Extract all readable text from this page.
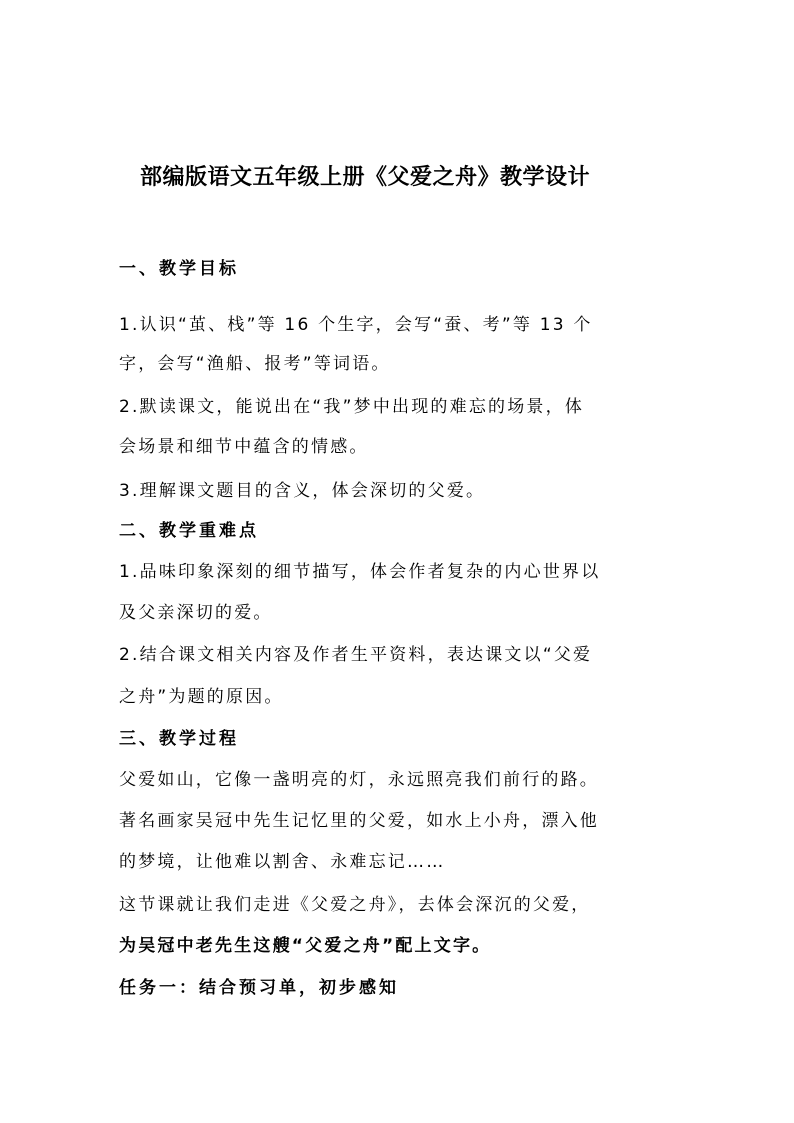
部编版语文五年级上册《父爱之舟》教学设计
一、教学目标
1.认识“茧、栈”等 16 个生字，会写“蚕、考”等 13 个
字，会写“渔船、报考”等词语。
2.默读课文，能说出在“我”梦中出现的难忘的场景，体
会场景和细节中蕴含的情感。
3.理解课文题目的含义，体会深切的父爱。
二、教学重难点
1.品味印象深刻的细节描写，体会作者复杂的内心世界以
及父亲深切的爱。
2.结合课文相关内容及作者生平资料，表达课文以“父爱
之舟”为题的原因。
三、教学过程
父爱如山，它像一盏明亮的灯，永远照亮我们前行的路。
著名画家吴冠中先生记忆里的父爱，如水上小舟，漂入他
的梦境，让他难以割舍、永难忘记……
这节课就让我们走进《父爱之舟》，去体会深沉的父爱，
为吴冠中老先生这艘“父爱之舟”配上文字。
任务一：结合预习单，初步感知
